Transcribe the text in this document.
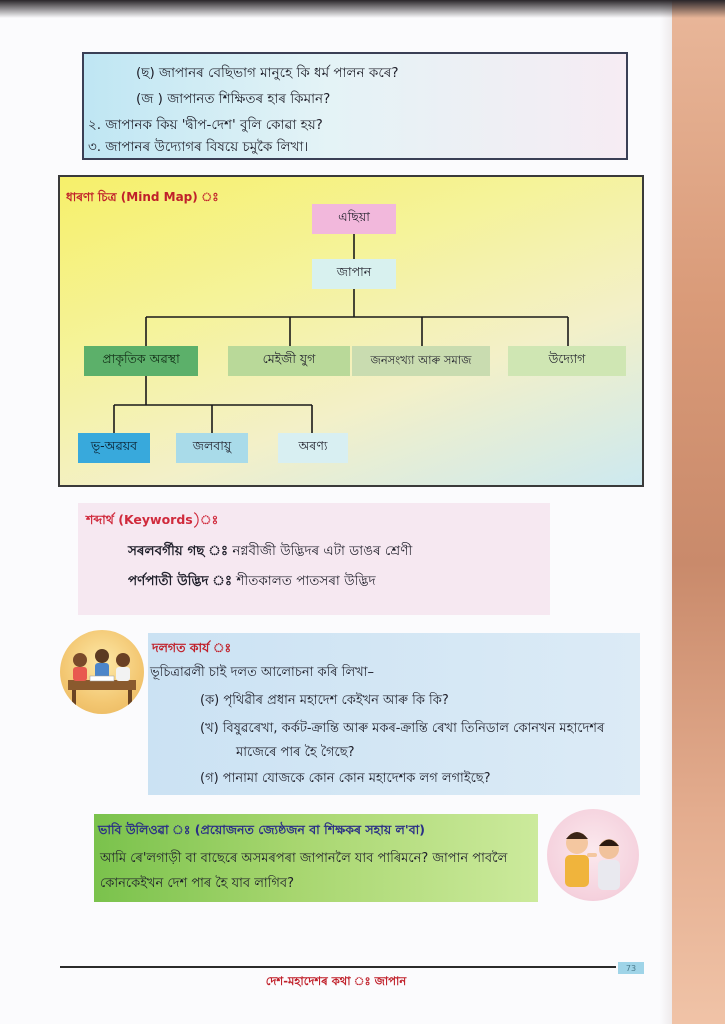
(ছ) জাপানৰ বেছিভাগ মানুহে কি ধৰ্ম পালন কৰে?
(জ ) জাপানত শিক্ষিতৰ হাৰ কিমান?
২. জাপানক কিয় 'দ্বীপ-দেশ' বুলি কোৱা হয়?
৩. জাপানৰ উদ্যোগৰ বিষয়ে চমুকৈ লিখা।
ধাৰণা চিত্ৰ (Mind Map) ঃ
এছিয়া
জাপান
প্ৰাকৃতিক অৱস্থা	মেইজী যুগ	জনসংখ্যা আৰু সমাজ	উদ্যোগ
ভূ-অৱয়ব	জলবায়ু	অৰণ্য
শব্দাৰ্থ (Keywords)ঃ
সৰলবৰ্গীয় গছ ঃ নগ্নবীজী উদ্ভিদৰ এটা ডাঙৰ শ্ৰেণী
পৰ্ণপাতী উদ্ভিদ ঃ শীতকালত পাতসৰা উদ্ভিদ
দলগত কাৰ্য ঃ
ভূচিত্ৰাৱলী চাই দলত আলোচনা কৰি লিখা–
(ক) পৃথিৱীৰ প্ৰধান মহাদেশ কেইখন আৰু কি কি?
(খ) বিষুৱৰেখা, কৰ্কট-ক্ৰান্তি আৰু মকৰ-ক্ৰান্তি ৰেখা তিনিডাল কোনখন মহাদেশৰ
মাজেৰে পাৰ হৈ গৈছে?
(গ) পানামা যোজকে কোন কোন মহাদেশক লগ লগাইছে?
ভাবি উলিওৱা ঃ (প্ৰয়োজনত জ্যেষ্ঠজন বা শিক্ষকৰ সহায় ল'বা)
আমি ৰে'লগাড়ী বা বাছেৰে অসমৰপৰা জাপানলৈ যাব পাৰিমনে? জাপান পাবলৈ
কোনকেইখন দেশ পাৰ হৈ যাব লাগিব?
73
দেশ-মহাদেশৰ কথা ঃ জাপান
